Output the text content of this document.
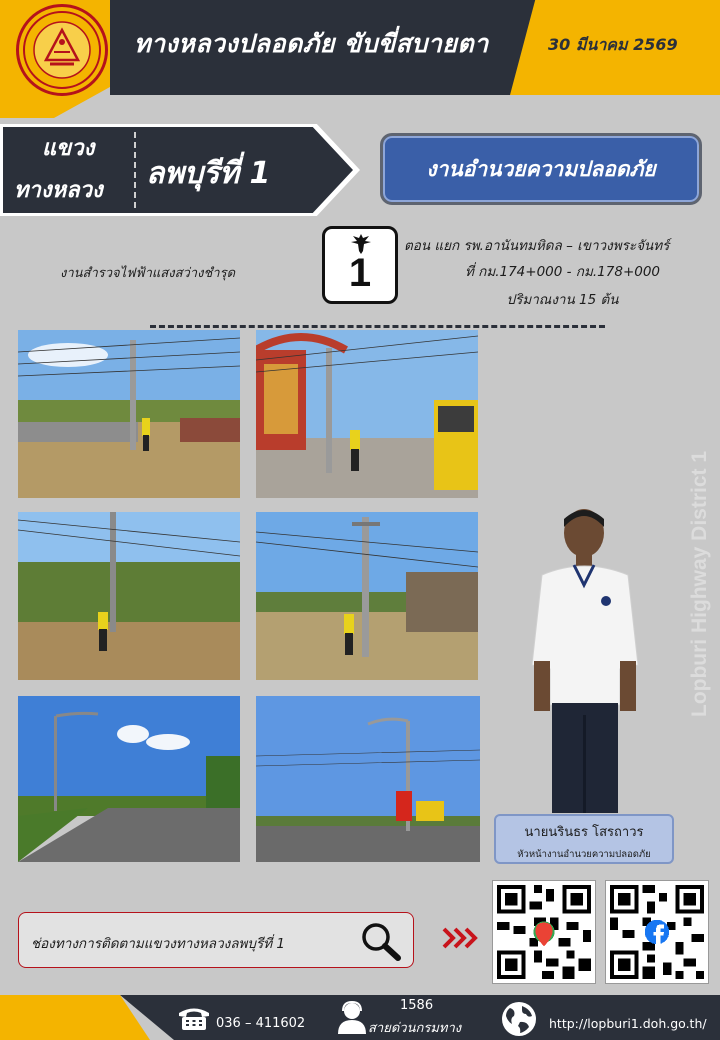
ทางหลวงปลอดภัย ขับขี่สบายตา	30 มีนาคม 2569
แขวง
ทางหลวง ลพบุรีที่ 1	งานอำนวยความปลอดภัย
งานสำรวจไฟฟ้าแสงสว่างชำรุด	1
ตอน แยก รพ.อานันทมหิดล – เขาวงพระจันทร์
ที่ กม.174+000 - กม.178+000
ปริมาณงาน 15 ต้น
Lopburi Highway District 1
นายนรินธร โสรถาวร
หัวหน้างานอำนวยความปลอดภัย
ช่องทางการติดตามแขวงทางหลวงลพบุรีที่ 1
036 – 411602
1586
สายด่วนกรมทาง	http://lopburi1.doh.go.th/
